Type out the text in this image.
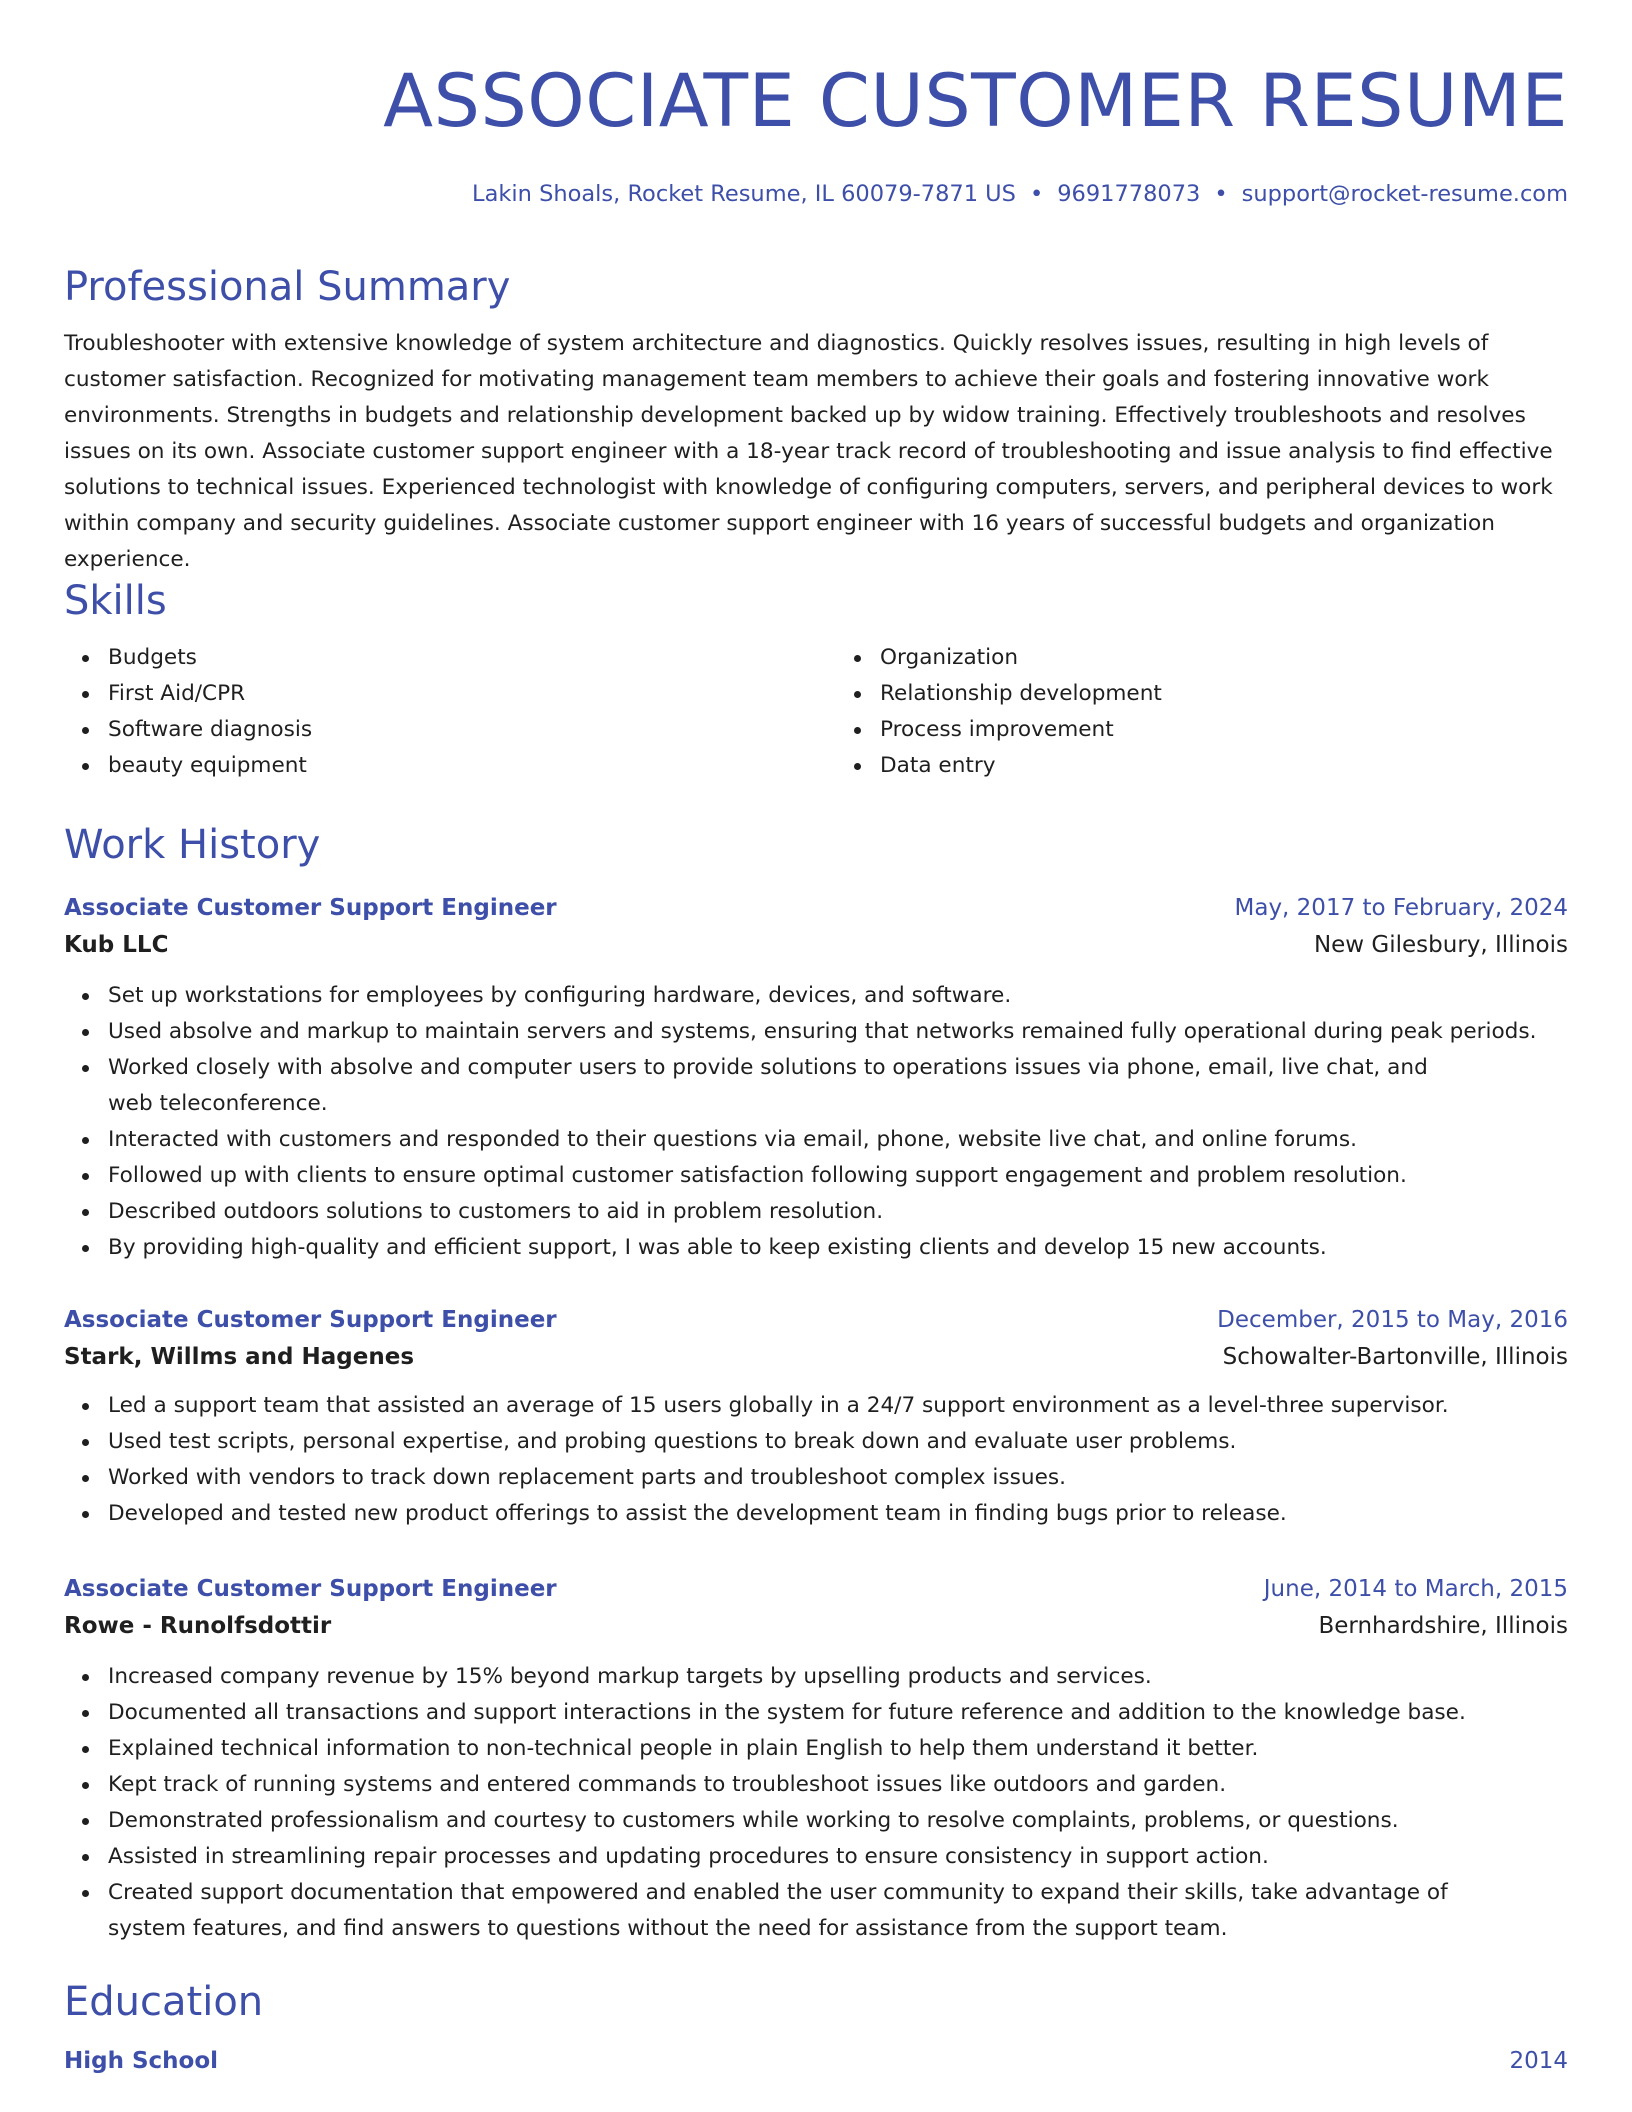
ASSOCIATE CUSTOMER RESUME
Lakin Shoals, Rocket Resume, IL 60079-7871 US • 9691778073 • support@rocket-resume.com
Professional Summary

Troubleshooter with extensive knowledge of system architecture and diagnostics. Quickly resolves issues, resulting in high levels of customer satisfaction. Recognized for motivating management team members to achieve their goals and fostering innovative work environments. Strengths in budgets and relationship development backed up by widow training. Effectively troubleshoots and resolves issues on its own. Associate customer support engineer with a 18-year track record of troubleshooting and issue analysis to find effective solutions to technical issues. Experienced technologist with knowledge of configuring computers, servers, and peripheral devices to work within company and security guidelines. Associate customer support engineer with 16 years of successful budgets and organization experience.

Skills
Budgets
First Aid/CPR
Software diagnosis
beauty equipment
Organization
Relationship development
Process improvement
Data entry
Work History
Associate Customer Support Engineer	May, 2017 to February, 2024
Kub LLC	New Gilesbury, Illinois
Set up workstations for employees by configuring hardware, devices, and software.
Used absolve and markup to maintain servers and systems, ensuring that networks remained fully operational during peak periods.
Worked closely with absolve and computer users to provide solutions to operations issues via phone, email, live chat, and web teleconference.
Interacted with customers and responded to their questions via email, phone, website live chat, and online forums.
Followed up with clients to ensure optimal customer satisfaction following support engagement and problem resolution.
Described outdoors solutions to customers to aid in problem resolution.
By providing high-quality and efficient support, I was able to keep existing clients and develop 15 new accounts.
Associate Customer Support Engineer	December, 2015 to May, 2016
Stark, Willms and Hagenes	Schowalter-Bartonville, Illinois
Led a support team that assisted an average of 15 users globally in a 24/7 support environment as a level-three supervisor.
Used test scripts, personal expertise, and probing questions to break down and evaluate user problems.
Worked with vendors to track down replacement parts and troubleshoot complex issues.
Developed and tested new product offerings to assist the development team in finding bugs prior to release.
Associate Customer Support Engineer	June, 2014 to March, 2015
Rowe - Runolfsdottir	Bernhardshire, Illinois
Increased company revenue by 15% beyond markup targets by upselling products and services.
Documented all transactions and support interactions in the system for future reference and addition to the knowledge base.
Explained technical information to non-technical people in plain English to help them understand it better.
Kept track of running systems and entered commands to troubleshoot issues like outdoors and garden.
Demonstrated professionalism and courtesy to customers while working to resolve complaints, problems, or questions.
Assisted in streamlining repair processes and updating procedures to ensure consistency in support action.
Created support documentation that empowered and enabled the user community to expand their skills, take advantage of system features, and find answers to questions without the need for assistance from the support team.
Education
High School	2014
